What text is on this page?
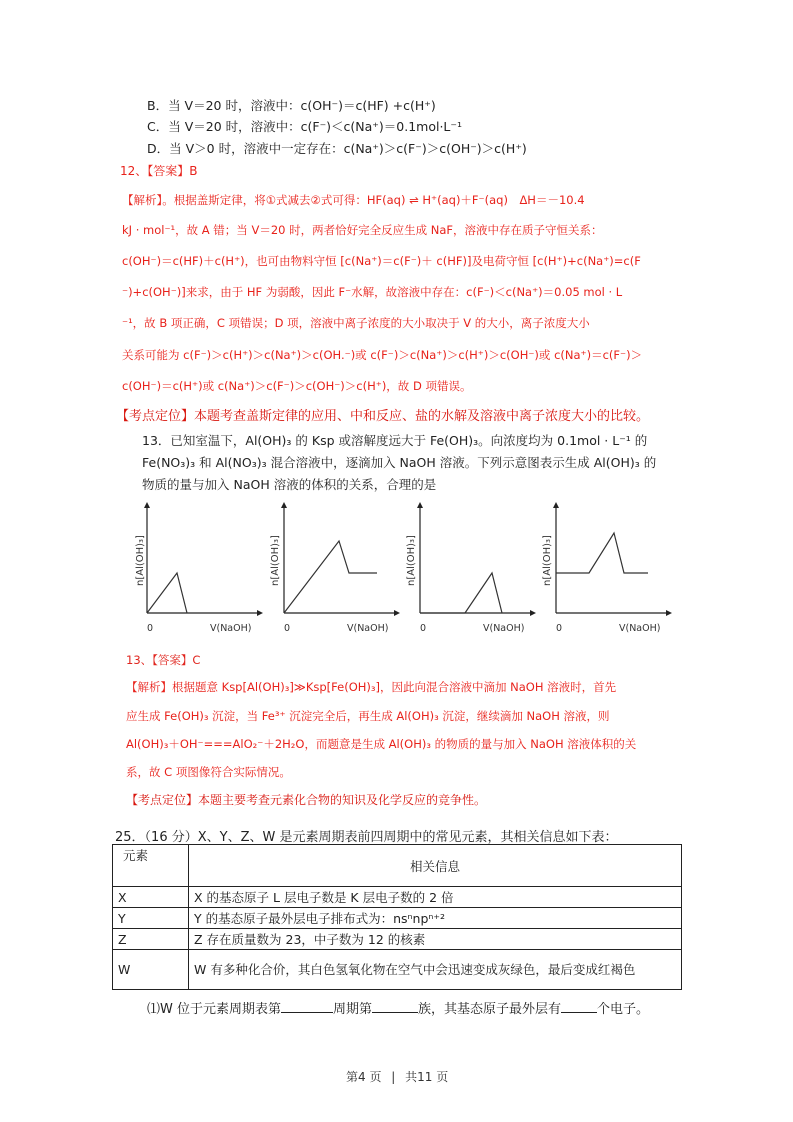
B．当 V＝20 时，溶液中：c(OH⁻)＝c(HF) +c(H⁺)
C．当 V＝20 时，溶液中：c(F⁻)＜c(Na⁺)＝0.1mol·L⁻¹
D．当 V＞0 时，溶液中一定存在：c(Na⁺)＞c(F⁻)＞c(OH⁻)＞c(H⁺)
12、【答案】B
【解析】。根据盖斯定律，将①式减去②式可得：HF(aq) ⇌ H⁺(aq)＋F⁻(aq)　ΔH＝－10.4
kJ · mol⁻¹，故 A 错；当 V＝20 时，两者恰好完全反应生成 NaF，溶液中存在质子守恒关系：
c(OH⁻)＝c(HF)＋c(H⁺)，也可由物料守恒 [c(Na⁺)＝c(F⁻)＋ c(HF)]及电荷守恒 [c(H⁺)+c(Na⁺)=c(F
⁻)+c(OH⁻)]来求，由于 HF 为弱酸，因此 F⁻水解，故溶液中存在：c(F⁻)＜c(Na⁺)＝0.05 mol · L
⁻¹，故 B 项正确，C 项错误；D 项，溶液中离子浓度的大小取决于 V 的大小，离子浓度大小
关系可能为 c(F⁻)＞c(H⁺)＞c(Na⁺)＞c(OH.⁻)或 c(F⁻)＞c(Na⁺)＞c(H⁺)＞c(OH⁻)或 c(Na⁺)＝c(F⁻)＞
c(OH⁻)＝c(H⁺)或 c(Na⁺)＞c(F⁻)＞c(OH⁻)＞c(H⁺)，故 D 项错误。
【考点定位】本题考查盖斯定律的应用、中和反应、盐的水解及溶液中离子浓度大小的比较。
13．已知室温下，Al(OH)₃ 的 Ksp 或溶解度远大于 Fe(OH)₃。向浓度均为 0.1mol · L⁻¹ 的
Fe(NO₃)₃ 和 Al(NO₃)₃ 混合溶液中，逐滴加入 NaOH 溶液。下列示意图表示生成 Al(OH)₃ 的
物质的量与加入 NaOH 溶液的体积的关系，合理的是
n[Al(OH)₃]
0	V(NaOH)
n[Al(OH)₃]
0	V(NaOH)
n[Al(OH)₃]
0	V(NaOH)
n[Al(OH)₃]
0	V(NaOH)
13、【答案】C
【解析】根据题意 Ksp[Al(OH)₃]≫Ksp[Fe(OH)₃]，因此向混合溶液中滴加 NaOH 溶液时，首先
应生成 Fe(OH)₃ 沉淀，当 Fe³⁺ 沉淀完全后，再生成 Al(OH)₃ 沉淀，继续滴加 NaOH 溶液，则
Al(OH)₃＋OH⁻===AlO₂⁻＋2H₂O，而题意是生成 Al(OH)₃ 的物质的量与加入 NaOH 溶液体积的关
系，故 C 项图像符合实际情况。
【考点定位】本题主要考查元素化合物的知识及化学反应的竞争性。
25．（16 分）X、Y、Z、W 是元素周期表前四周期中的常见元素，其相关信息如下表：
元素	相关信息
X	X 的基态原子 L 层电子数是 K 层电子数的 2 倍
Y	Y 的基态原子最外层电子排布式为：nsⁿnpⁿ⁺²
Z	Z 存在质量数为 23，中子数为 12 的核素
W	W 有多种化合价，其白色氢氧化物在空气中会迅速变成灰绿色，最后变成红褐色
⑴W 位于元素周期表第	周期第	族，其基态原子最外层有	个电子。
第4 页 | 共11 页
